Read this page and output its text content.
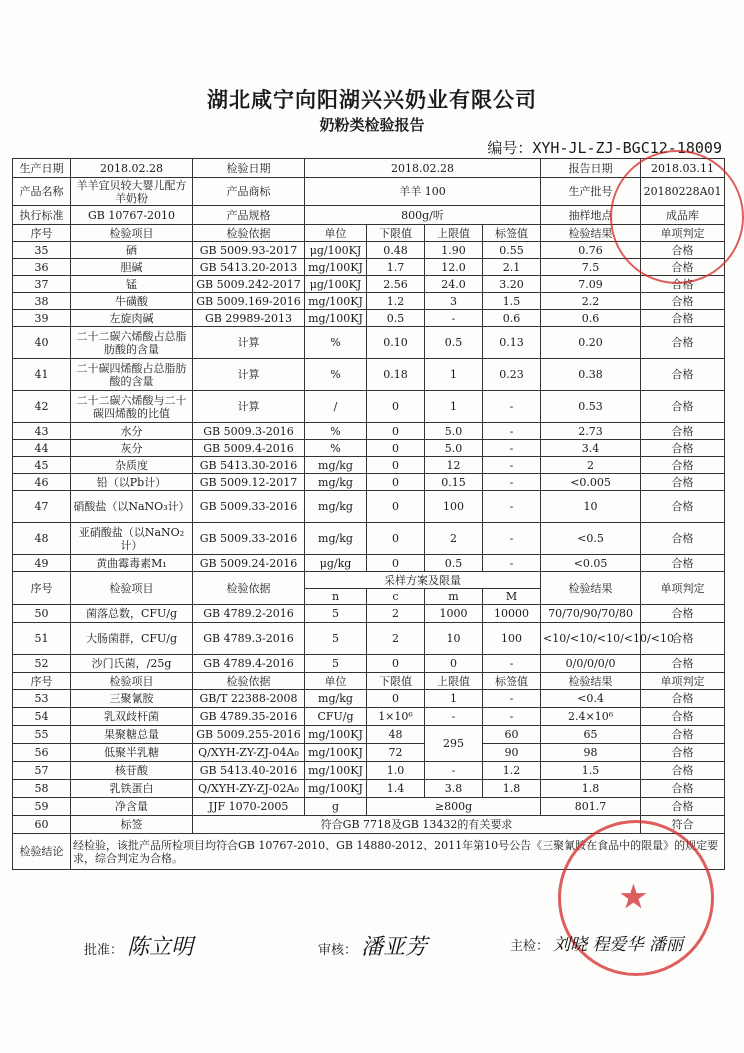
湖北咸宁向阳湖兴兴奶业有限公司
奶粉类检验报告
编号：XYH-JL-ZJ-BGC12-18009
生产日期	2018.02.28	检验日期	2018.02.28				报告日期	2018.03.11
产品名称	羊羊宜贝较大婴儿配方羊奶粉	产品商标	羊羊 100				生产批号	20180228A01
执行标准	GB 10767-2010	产品规格	800g/听				抽样地点	成品库
序号	检验项目	检验依据	单位	下限值	上限值	标签值	检验结果	单项判定
35	硒	GB 5009.93-2017	μg/100KJ	0.48	1.90	0.55	0.76	合格
36	胆碱	GB 5413.20-2013	mg/100KJ	1.7	12.0	2.1	7.5	合格
37	锰	GB 5009.242-2017	μg/100KJ	2.56	24.0	3.20	7.09	合格
38	牛磺酸	GB 5009.169-2016	mg/100KJ	1.2	3	1.5	2.2	合格
39	左旋肉碱	GB 29989-2013	mg/100KJ	0.5	-	0.6	0.6	合格
40	二十二碳六烯酸占总脂肪酸的含量	计算	%	0.10	0.5	0.13	0.20	合格
41	二十碳四烯酸占总脂肪酸的含量	计算	%	0.18	1	0.23	0.38	合格
42	二十二碳六烯酸与二十碳四烯酸的比值	计算	/	0	1	-	0.53	合格
43	水分	GB 5009.3-2016	%	0	5.0	-	2.73	合格
44	灰分	GB 5009.4-2016	%	0	5.0	-	3.4	合格
45	杂质度	GB 5413.30-2016	mg/kg	0	12	-	2	合格
46	铅（以Pb计）	GB 5009.12-2017	mg/kg	0	0.15	-	<0.005	合格
47	硝酸盐（以NaNO₃计）	GB 5009.33-2016	mg/kg	0	100	-	10	合格
48	亚硝酸盐（以NaNO₂计）	GB 5009.33-2016	mg/kg	0	2	-	<0.5	合格
49	黄曲霉毒素M₁	GB 5009.24-2016	μg/kg	0	0.5	-	<0.05	合格
序号	检验项目	检验依据	采样方案及限量				检验结果	单项判定
			n	c	m	M		
50	菌落总数，CFU/g	GB 4789.2-2016	5	2	1000	10000	70/70/90/70/80	合格
51	大肠菌群，CFU/g	GB 4789.3-2016	5	2	10	100	<10/<10/<10/<10/<10	合格
52	沙门氏菌，/25g	GB 4789.4-2016	5	0	0	-	0/0/0/0/0	合格
序号	检验项目	检验依据	单位	下限值	上限值	标签值	检验结果	单项判定
53	三聚氰胺	GB/T 22388-2008	mg/kg	0	1	-	<0.4	合格
54	乳双歧杆菌	GB 4789.35-2016	CFU/g	1×10⁶	-	-	2.4×10⁶	合格
55	果聚糖总量	GB 5009.255-2016	mg/100KJ	48	295	60	65	合格
56	低聚半乳糖	Q/XYH-ZY-ZJ-04A₀	mg/100KJ	72		90	98	合格
57	核苷酸	GB 5413.40-2016	mg/100KJ	1.0	-	1.2	1.5	合格
58	乳铁蛋白	Q/XYH-ZY-ZJ-02A₀	mg/100KJ	1.4	3.8	1.8	1.8	合格
59	净含量	JJF 1070-2005	g	≥800g			801.7	合格
60	标签	符合GB 7718及GB 13432的有关要求						符合
检验结论	经检验，该批产品所检项目均符合GB 10767-2010、GB 14880-2012、2011年第10号公告《三聚氰胺在食品中的限量》的规定要求，综合判定为合格。							
★
批准： 陈立明	审核： 潘亚芳	主检： 刘晓 程爱华 潘丽
